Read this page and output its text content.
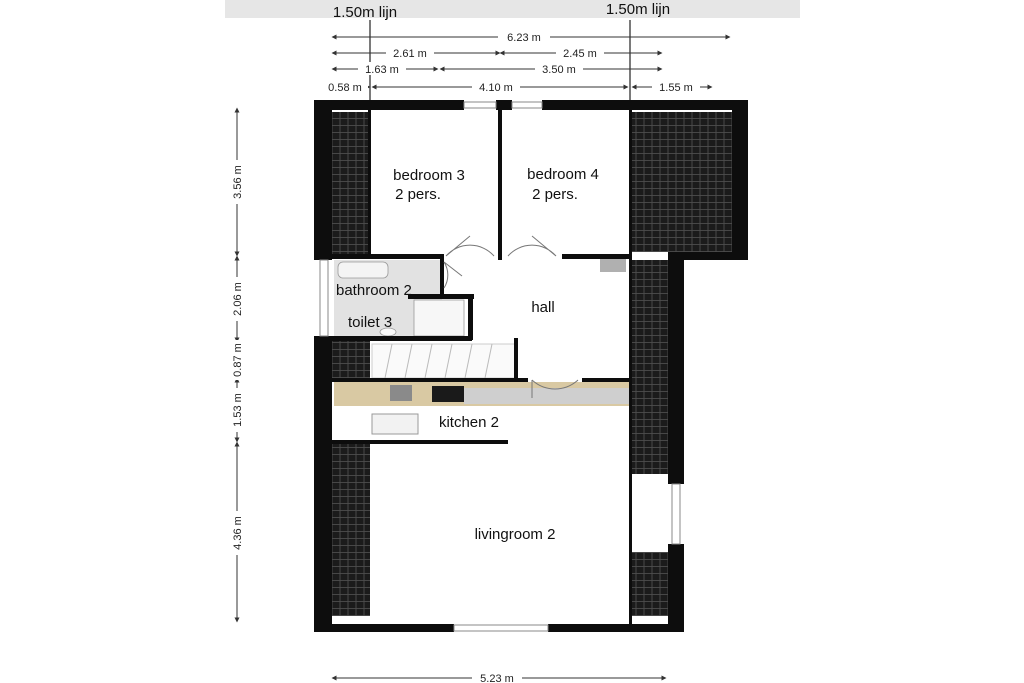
1.50m lijn	1.50m lijn
6.23 m
2.61 m	2.45 m
1.63 m	3.50 m
0.58 m	4.10 m	1.55 m
3.56 m
2.06 m
0.87 m
1.53 m
4.36 m
5.23 m
bedroom 3
2 pers.
bedroom 4
2 pers.
bathroom 2
toilet 3
hall
kitchen 2
livingroom 2
